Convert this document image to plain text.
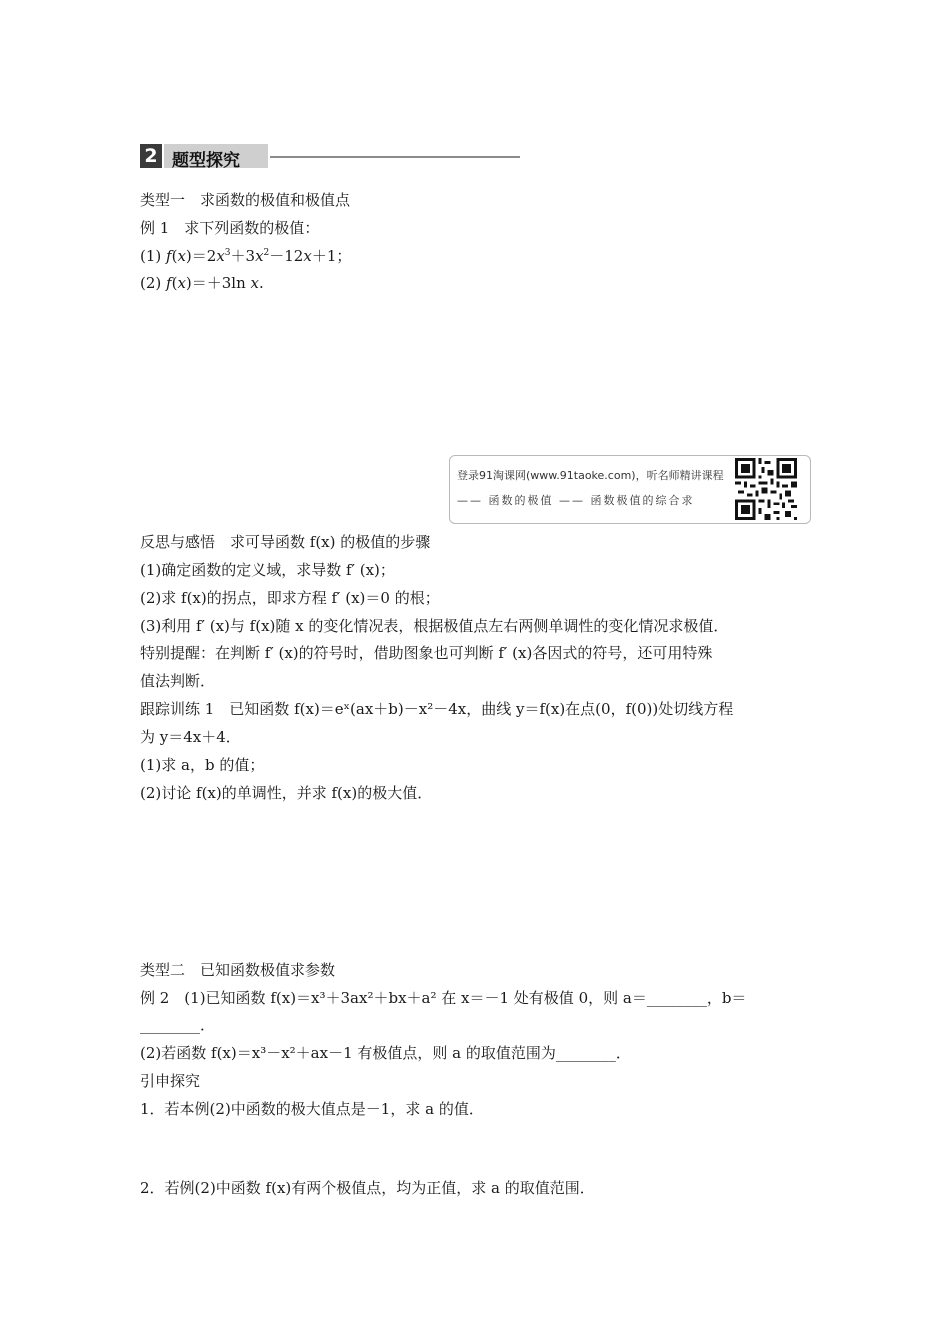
2 题型探究
类型一　求函数的极值和极值点
例 1　求下列函数的极值：
(1) $f(x)=2x^3+3x^2-12x+1$；
(2) f(x)＝＋3ln x.
登录91淘课网(www.91taoke.com)，听名师精讲课程
—— 函数的极值 —— 函数极值的综合求
反思与感悟　求可导函数 f(x) 的极值的步骤
(1)确定函数的定义域，求导数 f′ (x)；
(2)求 f(x)的拐点，即求方程 f′ (x)＝0 的根；
(3)利用 f′ (x)与 f(x)随 x 的变化情况表，根据极值点左右两侧单调性的变化情况求极值．
特别提醒：在判断 f′ (x)的符号时，借助图象也可判断 f′ (x)各因式的符号，还可用特殊
值法判断．
跟踪训练 1　已知函数 f(x)＝eˣ(ax＋b)－x²－4x，曲线 y＝f(x)在点(0，f(0))处切线方程
为 y＝4x＋4．
(1)求 a，b 的值；
(2)讨论 f(x)的单调性，并求 f(x)的极大值．
类型二　已知函数极值求参数
例 2　(1)已知函数 f(x)＝x³＋3ax²＋bx＋a² 在 x＝－1 处有极值 0，则 a＝________，b＝
________．
(2)若函数 f(x)＝x³－x²＋ax－1 有极值点，则 a 的取值范围为________．
引申探究
1．若本例(2)中函数的极大值点是－1，求 a 的值．
2．若例(2)中函数 f(x)有两个极值点，均为正值，求 a 的取值范围．
